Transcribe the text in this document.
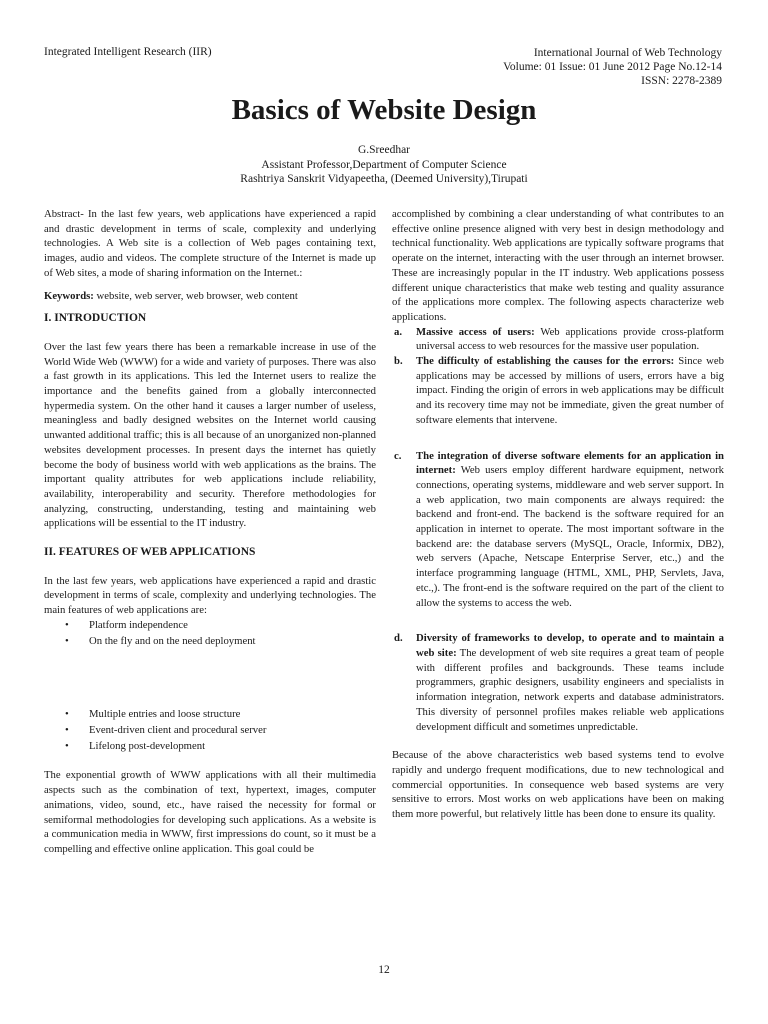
Integrated Intelligent Research (IIR)	International Journal of Web Technology
Volume: 01 Issue: 01 June 2012 Page No.12-14
ISSN: 2278-2389
Basics of Website Design
G.Sreedhar
Assistant Professor,Department of Computer Science
Rashtriya Sanskrit Vidyapeetha, (Deemed University),Tirupati

Abstract- In the last few years, web applications have experienced a rapid and drastic development in terms of scale, complexity and underlying technologies. A Web site is a collection of Web pages containing text, images, audio and videos. The complete structure of the Internet is made up of Web sites, a mode of sharing information on the Internet.:

Keywords: website, web server, web browser, web content

I. INTRODUCTION

Over the last few years there has been a remarkable increase in use of the World Wide Web (WWW) for a wide and variety of purposes. There was also a fast growth in its applications. This led the Internet users to realize the importance and the benefits gained from a globally interconnected hypermedia system. On the other hand it causes a larger number of useless, meaningless and badly designed websites on the Internet world causing unwanted additional traffic; this is all because of an unorganized non-planned websites development processes. In present days the internet has quietly become the body of business world with web applications as the brains. The important quality attributes for web applications include reliability, availability, interoperability and security. Therefore methodologies for analyzing, constructing, understanding, testing and maintaining web applications will be essential to the IT industry.

II. FEATURES OF WEB APPLICATIONS

In the last few years, web applications have experienced a rapid and drastic development in terms of scale, complexity and underlying technologies. The main features of web applications are:

• Platform independence
• On the fly and on the need deployment
• Multiple entries and loose structure
• Event-driven client and procedural server
• Lifelong post-development

The exponential growth of WWW applications with all their multimedia aspects such as the combination of text, hypertext, images, computer animations, video, sound, etc., have raised the necessity for formal or semiformal methodologies for developing such applications. As a website is a communication media in WWW, first impressions do count, so it must be a compelling and effective online application. This goal could be

accomplished by combining a clear understanding of what contributes to an effective online presence aligned with very best in design methodology and technical functionality. Web applications are typically software programs that operate on the internet, interacting with the user through an internet browser. These are increasingly popular in the IT industry. Web applications possess different unique characteristics that make web testing and quality assurance of the applications more complex. The following aspects characterize web applications.

a. Massive access of users: Web applications provide cross-platform universal access to web resources for the massive user population.
b. The difficulty of establishing the causes for the errors: Since web applications may be accessed by millions of users, errors have a big impact. Finding the origin of errors in web applications may be difficult and its recovery time may not be immediate, given the great number of software elements that intervene.
c. The integration of diverse software elements for an application in internet: Web users employ different hardware equipment, network connections, operating systems, middleware and web server support. In a web application, two main components are always required: the backend and front-end. The backend is the software required for an application in internet to operate. The most important software in the backend are: the database servers (MySQL, Oracle, Informix, DB2), web servers (Apache, Netscape Enterprise Server, etc.,) and the interface programming language (HTML, XML, PHP, Servlets, Java, etc.,). The front-end is the software required on the part of the client to allow the systems to access the web.
d. Diversity of frameworks to develop, to operate and to maintain a web site: The development of web site requires a great team of people with different profiles and backgrounds. These teams include programmers, graphic designers, usability engineers and specialists in information integration, network experts and database administrators. This diversity of personnel profiles makes reliable web applications development difficult and sometimes unpredictable.

Because of the above characteristics web based systems tend to evolve rapidly and undergo frequent modifications, due to new technological and commercial opportunities. In consequence web based systems are very sensitive to errors. Most works on web applications have been on making them more powerful, but relatively little has been done to ensure its quality.

12
